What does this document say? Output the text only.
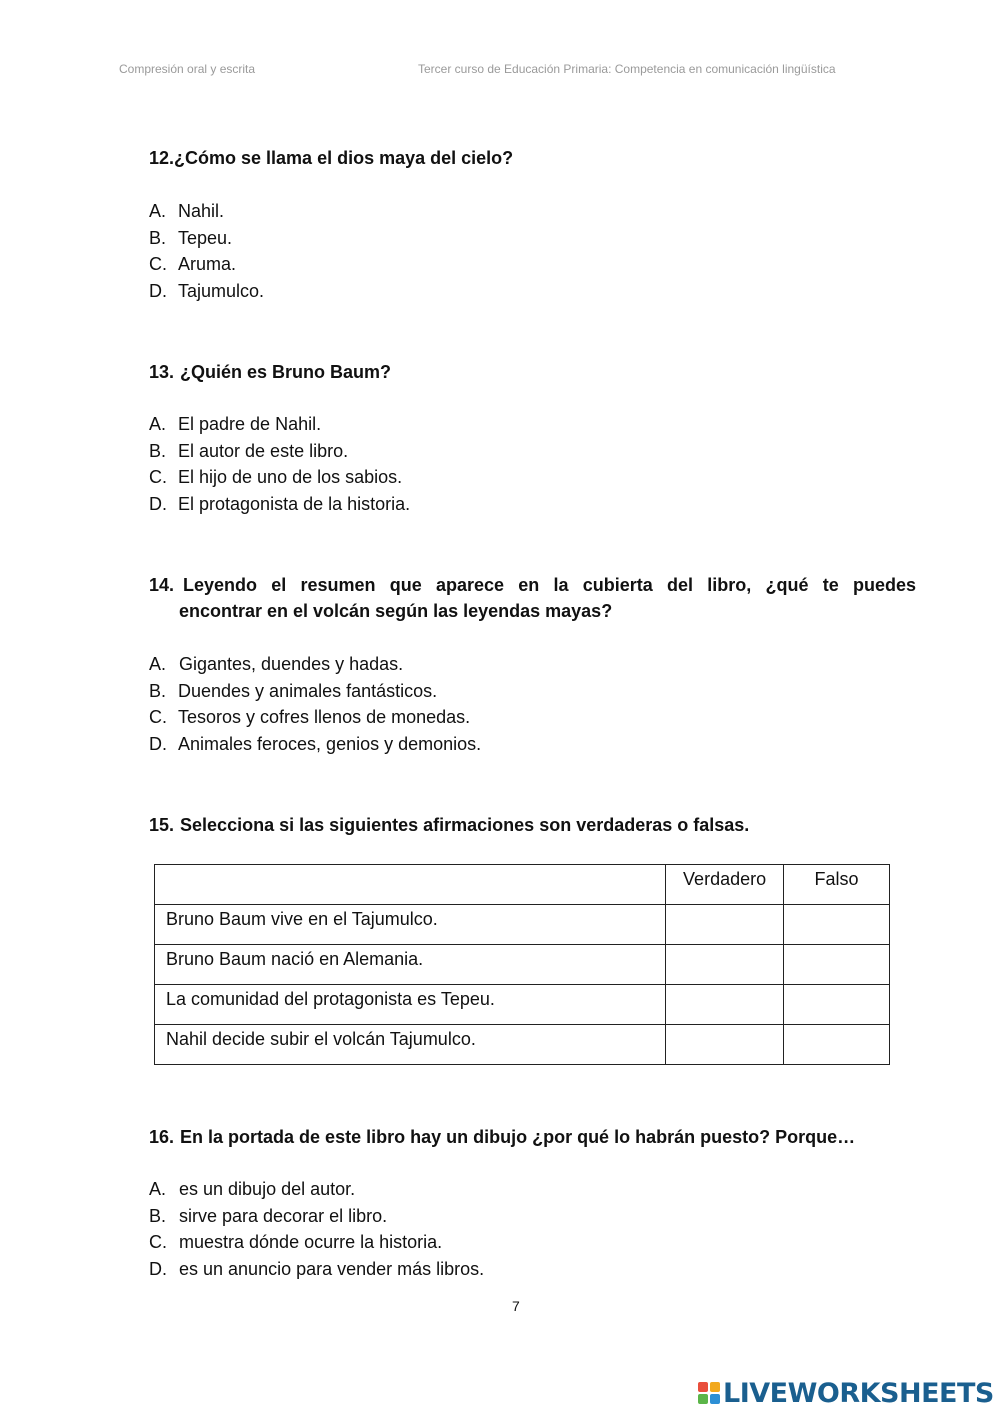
Compresión oral y escrita	Tercer curso de Educación Primaria: Competencia en comunicación lingüística
12.¿Cómo se llama el dios maya del cielo?
A. Nahil.
B. Tepeu.
C. Aruma.
D. Tajumulco.
13. ¿Quién es Bruno Baum?
A. El padre de Nahil.
B. El autor de este libro.
C. El hijo de uno de los sabios.
D. El protagonista de la historia.
14. Leyendo el resumen que aparece en la cubierta del libro, ¿qué te puedes
encontrar en el volcán según las leyendas mayas?
A. Gigantes, duendes y hadas.
B. Duendes y animales fantásticos.
C. Tesoros y cofres llenos de monedas.
D. Animales feroces, genios y demonios.
15. Selecciona si las siguientes afirmaciones son verdaderas o falsas.
	Verdadero	Falso
Bruno Baum vive en el Tajumulco.		
Bruno Baum nació en Alemania.		
La comunidad del protagonista es Tepeu.		
Nahil decide subir el volcán Tajumulco.		
16. En la portada de este libro hay un dibujo ¿por qué lo habrán puesto? Porque…
A. es un dibujo del autor.
B. sirve para decorar el libro.
C. muestra dónde ocurre la historia.
D. es un anuncio para vender más libros.
7
LIVEWORKSHEETS
